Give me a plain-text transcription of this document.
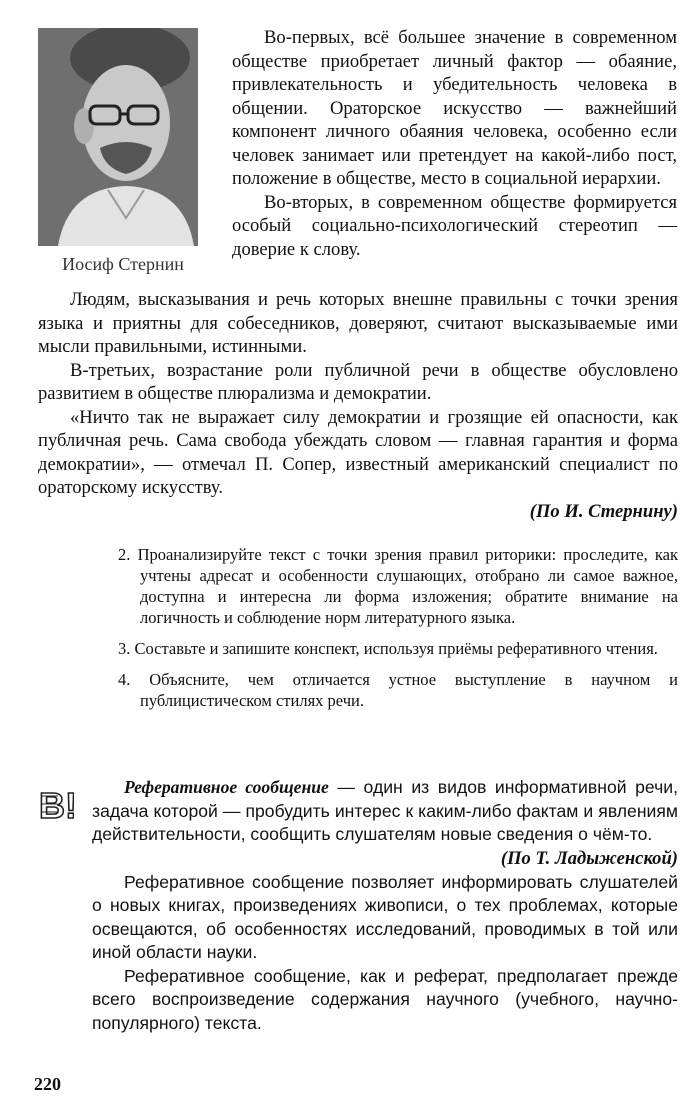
Иосиф Стернин

Во-первых, всё большее значение в современном обществе приобретает личный фактор — обаяние, привлекательность и убедительность человека в общении. Ораторское искусство — важнейший компонент личного обаяния человека, особенно если человек занимает или претендует на какой-либо пост, положение в обществе, место в социальной иерархии.

Во-вторых, в современном обществе формируется особый социально-психологический стереотип — доверие к слову.

Людям, высказывания и речь которых внешне правильны с точки зрения языка и приятны для собеседников, доверяют, считают высказываемые ими мысли правильными, истинными.

В-третьих, возрастание роли публичной речи в обществе обусловлено развитием в обществе плюрализма и демократии.

«Ничто так не выражает силу демократии и грозящие ей опасности, как публичная речь. Сама свобода убеждать словом — главная гарантия и форма демократии», — отмечал П. Сопер, известный американский специалист по ораторскому искусству.

(По И. Стернину)

2. Проанализируйте текст с точки зрения правил риторики: проследите, как учтены адресат и особенности слушающих, отобрано ли самое важное, доступна и интересна ли форма изложения; обратите внимание на логичность и соблюдение норм литературного языка.

3. Составьте и запишите конспект, используя приёмы реферативного чтения.

4. Объясните, чем отличается устное выступление в научном и публицистическом стилях речи.

В!	Реферативное сообщение — один из видов информативной речи, задача которой — пробудить интерес к каким-либо фактам и явлениям действительности, сообщить слушателям новые сведения о чём-то.

(По Т. Ладыженской)

Реферативное сообщение позволяет информировать слушателей о новых книгах, произведениях живописи, о тех проблемах, которые освещаются, об особенностях исследований, проводимых в той или иной области науки.

Реферативное сообщение, как и реферат, предполагает прежде всего воспроизведение содержания научного (учебного, научно-популярного) текста.

220
